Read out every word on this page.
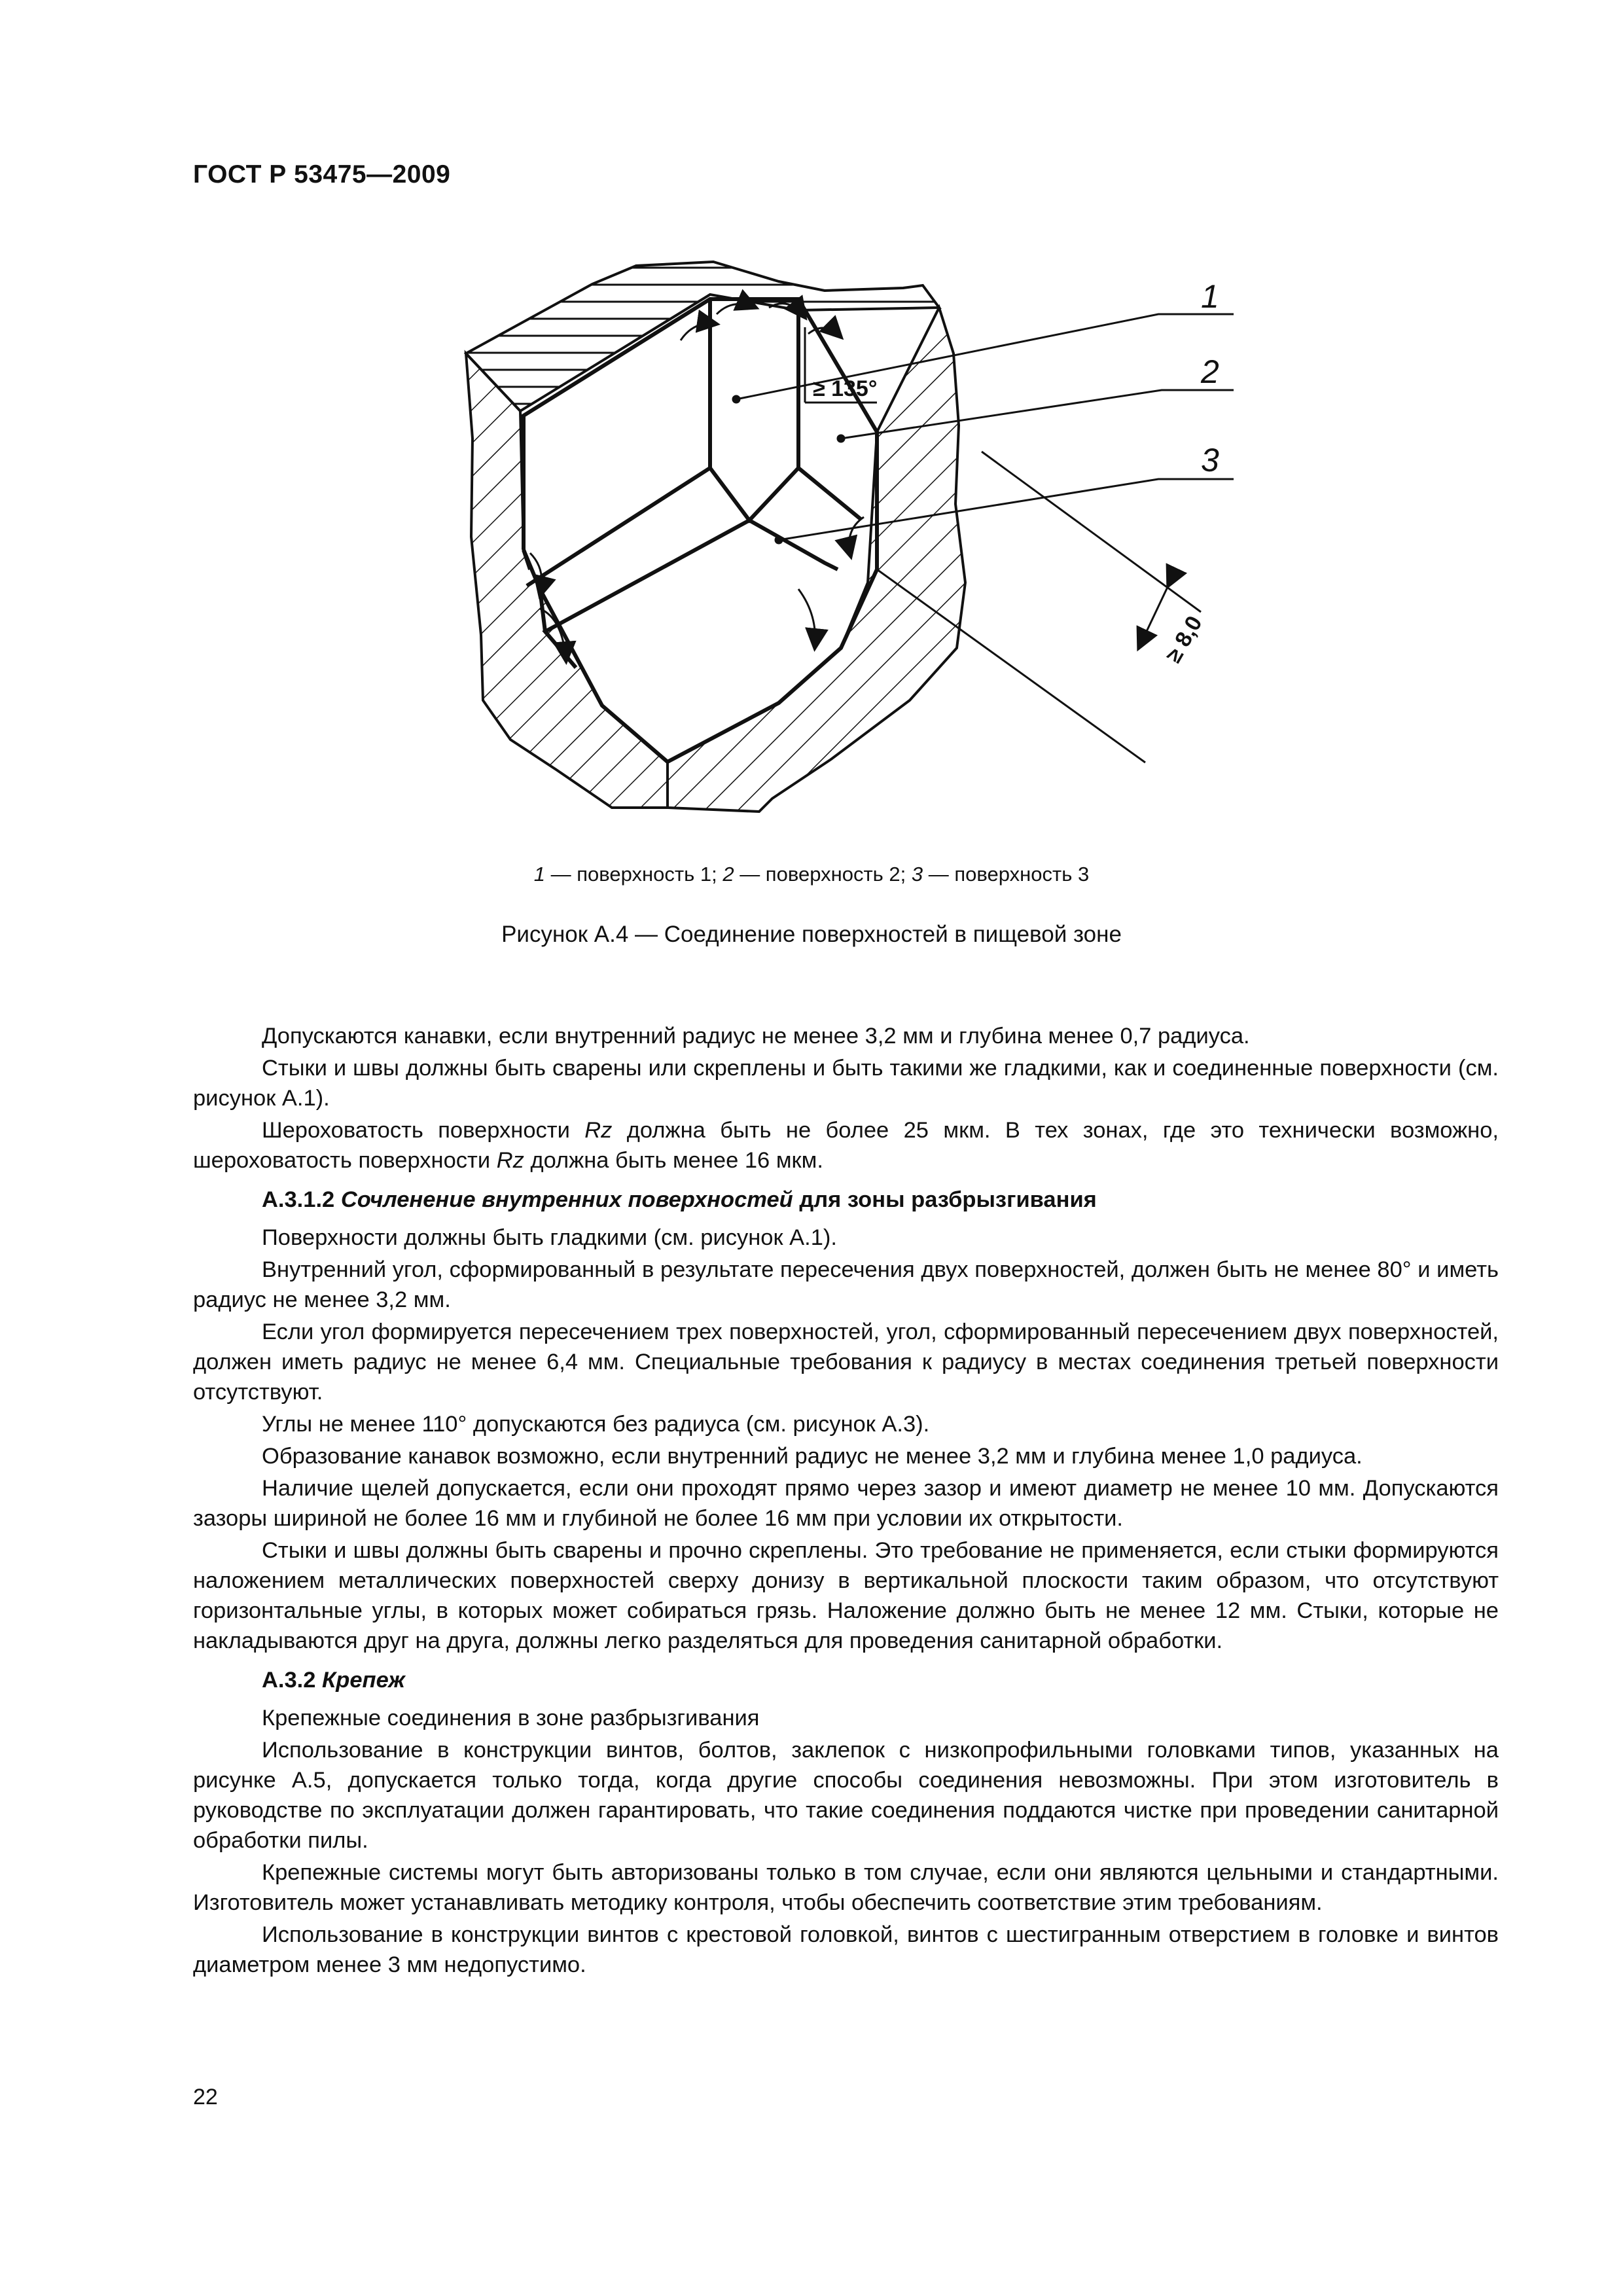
ГОСТ Р 53475—2009
≥ 135°
1
2
3
≥ 8,0
1 — поверхность 1; 2 — поверхность 2; 3 — поверхность 3
Рисунок А.4 — Соединение поверхностей в пищевой зоне

Допускаются канавки, если внутренний радиус не менее 3,2 мм и глубина менее 0,7 радиуса.

Стыки и швы должны быть сварены или скреплены и быть такими же гладкими, как и соединенные поверхности (см. рисунок А.1).

Шероховатость поверхности Rz должна быть не более 25 мкм. В тех зонах, где это технически возможно, шероховатость поверхности Rz должна быть менее 16 мкм.

А.3.1.2 Сочленение внутренних поверхностей для зоны разбрызгивания

Поверхности должны быть гладкими (см. рисунок А.1).

Внутренний угол, сформированный в результате пересечения двух поверхностей, должен быть не менее 80° и иметь радиус не менее 3,2 мм.

Если угол формируется пересечением трех поверхностей, угол, сформированный пересечением двух поверхностей, должен иметь радиус не менее 6,4 мм. Специальные требования к радиусу в местах соединения третьей поверхности отсутствуют.

Углы не менее 110° допускаются без радиуса (см. рисунок А.3).

Образование канавок возможно, если внутренний радиус не менее 3,2 мм и глубина менее 1,0 радиуса.

Наличие щелей допускается, если они проходят прямо через зазор и имеют диаметр не менее 10 мм. Допускаются зазоры шириной не более 16 мм и глубиной не более 16 мм при условии их открытости.

Стыки и швы должны быть сварены и прочно скреплены. Это требование не применяется, если стыки формируются наложением металлических поверхностей сверху донизу в вертикальной плоскости таким образом, что отсутствуют горизонтальные углы, в которых может собираться грязь. Наложение должно быть не менее 12 мм. Стыки, которые не накладываются друг на друга, должны легко разделяться для проведения санитарной обработки.

А.3.2 Крепеж

Крепежные соединения в зоне разбрызгивания

Использование в конструкции винтов, болтов, заклепок с низкопрофильными головками типов, указанных на рисунке А.5, допускается только тогда, когда другие способы соединения невозможны. При этом изготовитель в руководстве по эксплуатации должен гарантировать, что такие соединения поддаются чистке при проведении санитарной обработки пилы.

Крепежные системы могут быть авторизованы только в том случае, если они являются цельными и стандартными. Изготовитель может устанавливать методику контроля, чтобы обеспечить соответствие этим требованиям.

Использование в конструкции винтов с крестовой головкой, винтов с шестигранным отверстием в головке и винтов диаметром менее 3 мм недопустимо.

22
